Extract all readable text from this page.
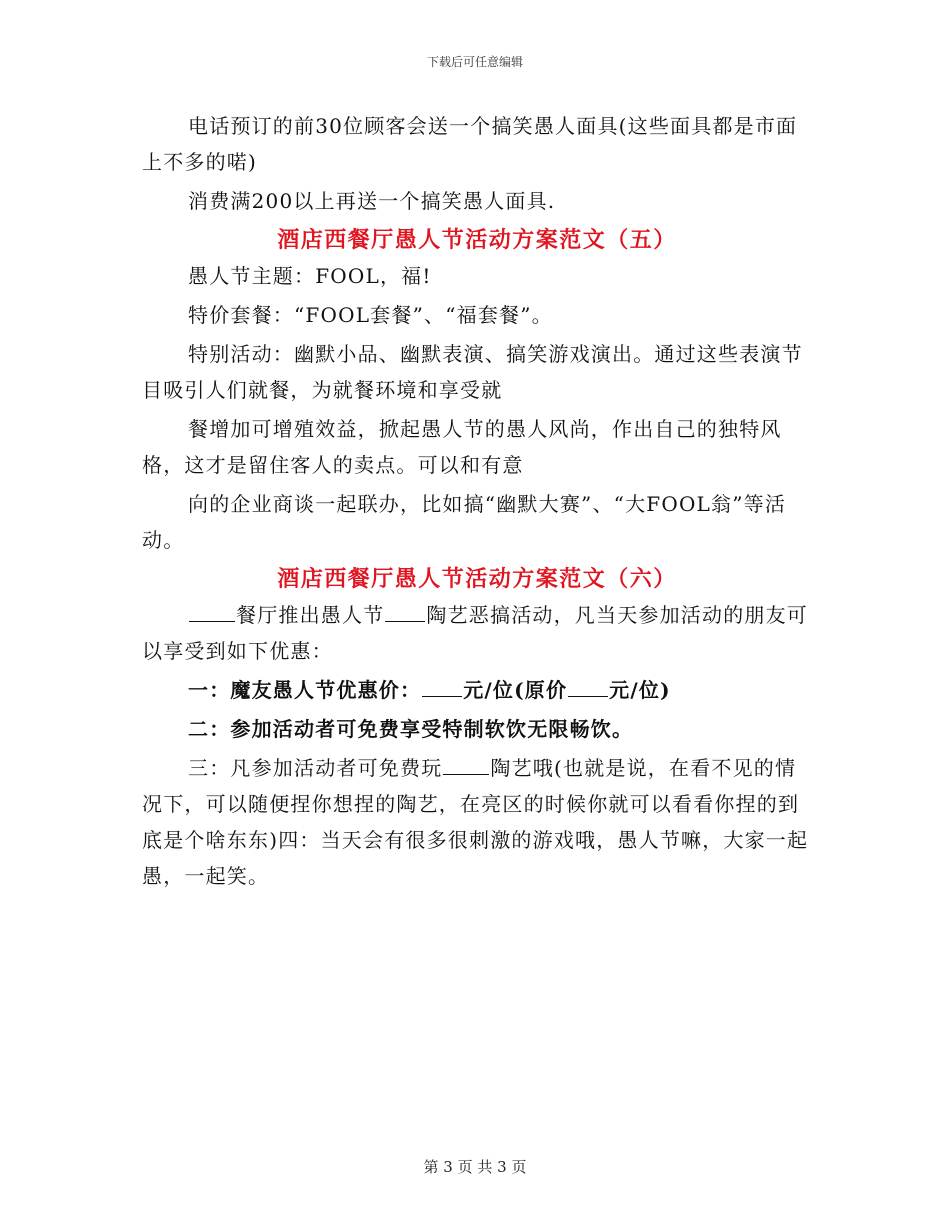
下载后可任意编辑

电话预订的前30位顾客会送一个搞笑愚人面具(这些面具都是市面上不多的喏)

消费满200以上再送一个搞笑愚人面具.

酒店西餐厅愚人节活动方案范文（五）

愚人节主题：FOOL，福!

特价套餐：“FOOL套餐”、“福套餐”。

特别活动：幽默小品、幽默表演、搞笑游戏演出。通过这些表演节目吸引人们就餐，为就餐环境和享受就

餐增加可增殖效益，掀起愚人节的愚人风尚，作出自己的独特风格，这才是留住客人的卖点。可以和有意

向的企业商谈一起联办，比如搞“幽默大赛”、“大FOOL翁”等活动。

酒店西餐厅愚人节活动方案范文（六）

餐厅推出愚人节 陶艺恶搞活动，凡当天参加活动的朋友可以享受到如下优惠：

一：魔友愚人节优惠价： 元/位(原价 元/位)

二：参加活动者可免费享受特制软饮无限畅饮。

三：凡参加活动者可免费玩 陶艺哦(也就是说，在看不见的情况下，可以随便捏你想捏的陶艺，在亮区的时候你就可以看看你捏的到底是个啥东东)四：当天会有很多很刺激的游戏哦，愚人节嘛，大家一起愚，一起笑。

第 3 页 共 3 页
